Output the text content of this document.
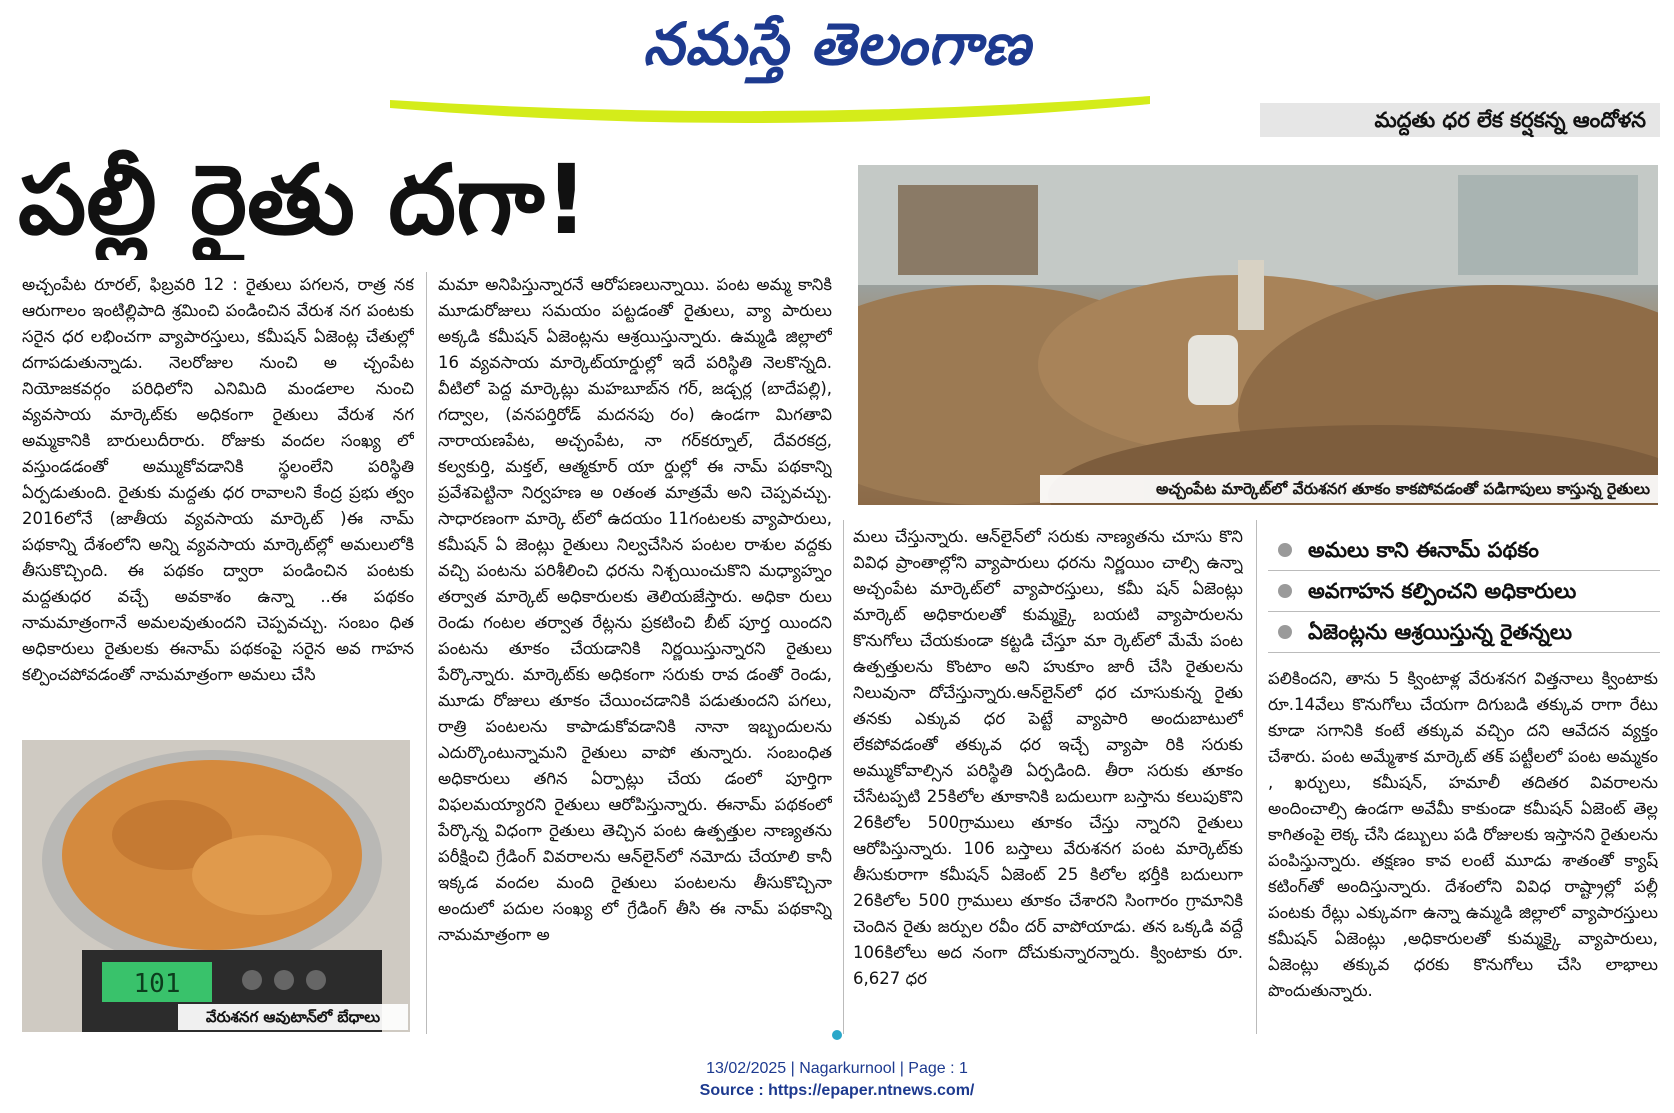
నమస్తే తెలంగాణ
మద్దతు ధర లేక కర్షకన్న ఆందోళన
పల్లీ రైతు దగా!
అచ్చంపేట మార్కెట్‌లో వేరుశనగ తూకం కాకపోవడంతో పడిగాపులు కాస్తున్న రైతులు
అచ్చంపేట రూరల్, ఫిబ్రవరి 12 : రైతులు పగలన, రాత్ర నక ఆరుగాలం ఇంటిల్లిపాది శ్రమించి పండించిన వేరుశ నగ పంటకు సరైన ధర లభించగా వ్యాపారస్తులు, కమీషన్ ఏజెంట్ల చేతుల్లో దగాపడుతున్నాడు. నెలరోజుల నుంచి అ చ్చంపేట నియోజకవర్గం పరిధిలోని ఎనిమిది మండలాల నుంచి వ్యవసాయ మార్కెట్‌కు అధికంగా రైతులు వేరుశ నగ అమ్మకానికి బారులుదీరారు. రోజుకు వందల సంఖ్య లో వస్తుండడంతో అమ్ముకోవడానికి స్థలంలేని పరిస్థితి ఏర్పడుతుంది. రైతుకు మద్దతు ధర రావాలని కేంద్ర ప్రభు త్వం 2016లోనే (జాతీయ వ్యవసాయ మార్కెట్ )ఈ నామ్ పథకాన్ని దేశంలోని అన్ని వ్యవసాయ మార్కెట్‌ల్లో అమలులోకి తీసుకొచ్చింది. ఈ పథకం ద్వారా పండించిన పంటకు మద్దతుధర వచ్చే అవకాశం ఉన్నా ..ఈ పథకం నామమాత్రంగానే అమలవుతుందని చెప్పవచ్చు. సంబం ధిత అధికారులు రైతులకు ఈనామ్ పథకంపై సరైన అవ గాహన కల్పించపోవడంతో నామమాత్రంగా అమలు చేసి
మమా అనిపిస్తున్నారనే ఆరోపణలున్నాయి. పంట అమ్మ కానికి మూడురోజులు సమయం పట్టడంతో రైతులు, వ్యా పారులు అక్కడి కమీషన్ ఏజెంట్లను ఆశ్రయిస్తున్నారు. ఉమ్మడి జిల్లాలో 16 వ్యవసాయ మార్కెట్‌యార్డుల్లో ఇదే పరిస్థితి నెలకొన్నది. వీటిలో పెద్ద మార్కెట్లు మహబూబ్‌న గర్, జడ్చర్ల (బాదేపల్లి), గద్వాల, (వనపర్తిరోడ్ మదనపు రం) ఉండగా మిగతావి నారాయణపేట, అచ్చంపేట, నా గర్‌కర్నూల్, దేవరకద్ర, కల్వకుర్తి, మక్తల్, ఆత్మకూర్ యా ర్డుల్లో ఈ నామ్ పథకాన్ని ప్రవేశపెట్టినా నిర్వహణ అ oతంత మాత్రమే అని చెప్పవచ్చు. సాధారణంగా మార్కె ట్‌లో ఉదయం 11గంటలకు వ్యాపారులు, కమీషన్ ఏ జెంట్లు రైతులు నిల్వచేసిన పంటల రాశుల వద్దకు వచ్చి పంటను పరిశీలించి ధరను నిశ్చయించుకొని మధ్యాహ్నం తర్వాత మార్కెట్ అధికారులకు తెలియజేస్తారు. అధికా రులు రెండు గంటల తర్వాత రేట్లను ప్రకటించి బీట్ పూర్త యిందని పంటను తూకం చేయడానికి నిర్ణయిస్తున్నారని రైతులు పేర్కొన్నారు. మార్కెట్‌కు అధికంగా సరుకు రావ డంతో రెండు, మూడు రోజులు తూకం చేయించడానికి పడుతుందని పగలు, రాత్రి పంటలను కాపాడుకోవడానికి నానా ఇబ్బందులను ఎదుర్కొంటున్నామని రైతులు వాపో తున్నారు. సంబంధిత అధికారులు తగిన ఏర్పాట్లు చేయ డంలో పూర్తిగా విఫలమయ్యారని రైతులు ఆరోపిస్తున్నారు. ఈనామ్ పథకంలో పేర్కొన్న విధంగా రైతులు తెచ్చిన పంట ఉత్పత్తుల నాణ్యతను పరీక్షించి గ్రేడింగ్ వివరాలను ఆన్‌లైన్‌లో నమోదు చేయాలి కానీ ఇక్కడ వందల మంది రైతులు పంటలను తీసుకొచ్చినా అందులో పదుల సంఖ్య లో గ్రేడింగ్ తీసి ఈ నామ్ పథకాన్ని నామమాత్రంగా అ
మలు చేస్తున్నారు. ఆన్‌లైన్‌లో సరుకు నాణ్యతను చూసు కొని వివిధ ప్రాంతాల్లోని వ్యాపారులు ధరను నిర్ణయిం చాల్సి ఉన్నా అచ్చంపేట మార్కెట్‌లో వ్యాపారస్తులు, కమీ షన్ ఏజెంట్లు మార్కెట్ అధికారులతో కుమ్మక్కై బయటి వ్యాపారులను కొనుగోలు చేయకుండా కట్టడి చేస్తూ మా ర్కెట్‌లో మేమే పంట ఉత్పత్తులను కొంటాం అని హుకూం జారీ చేసి రైతులను నిలువునా దోచేస్తున్నారు.ఆన్‌లైన్‌లో ధర చూసుకున్న రైతు తనకు ఎక్కువ ధర పెట్టే వ్యాపారి అందుబాటులో లేకపోవడంతో తక్కువ ధర ఇచ్చే వ్యాపా రికి సరుకు అమ్ముకోవాల్సిన పరిస్థితి ఏర్పడింది. తీరా సరుకు తూకం చేసేటప్పటి 25కిలోల తూకానికి బదులుగా బస్తాను కలుపుకొని 26కిలోల 500గ్రాములు తూకం చేస్తు న్నారని రైతులు ఆరోపిస్తున్నారు. 106 బస్తాలు వేరుశనగ పంట మార్కెట్‌కు తీసుకురాగా కమీషన్ ఏజెంట్ 25 కిలోల భర్తీకి బదులుగా 26కిలోల 500 గ్రాములు తూకం చేశారని సింగారం గ్రామానికి చెందిన రైతు జర్పుల రవీం దర్ వాపోయాడు. తన ఒక్కడి వద్దే 106కిలోలు అద నంగా దోచుకున్నారన్నారు. క్వింటాకు రూ. 6,627 ధర
అమలు కాని ఈనామ్ పథకం
అవగాహన కల్పించని అధికారులు
ఏజెంట్లను ఆశ్రయిస్తున్న రైతన్నలు
పలికిందని, తాను 5 క్వింటాళ్ల వేరుశనగ విత్తనాలు క్వింటాకు రూ.14వేలు కొనుగోలు చేయగా దిగుబడి తక్కువ రాగా రేటు కూడా సగానికి కంటే తక్కువ వచ్చిం దని ఆవేదన వ్యక్తం చేశారు. పంట అమ్మేశాక మార్కెట్ తక్ పట్టీలలో పంట అమ్మకం , ఖర్చులు, కమీషన్, హమాలీ తదితర వివరాలను అందించాల్సి ఉండగా అవేమీ కాకుండా కమీషన్ ఏజెంట్ తెల్ల కాగితంపై లెక్క చేసి డబ్బులు పడి రోజులకు ఇస్తానని రైతులను పంపిస్తున్నారు. తక్షణం కావ లంటే మూడు శాతంతో క్యాష్ కటింగ్‌తో అందిస్తున్నారు. దేశంలోని వివిధ రాష్ట్రాల్లో పల్లీ పంటకు రేట్లు ఎక్కువగా ఉన్నా ఉమ్మడి జిల్లాలో వ్యాపారస్తులు కమీషన్ ఏజెంట్లు ,అధికారులతో కుమ్మక్కై వ్యాపారులు, ఏజెంట్లు తక్కువ ధరకు కొనుగోలు చేసి లాభాలు పొందుతున్నారు.
101
వేరుశనగ ఆవుటాన్‌లో బేధాలు
13/02/2025 | Nagarkurnool | Page : 1
Source : https://epaper.ntnews.com/
